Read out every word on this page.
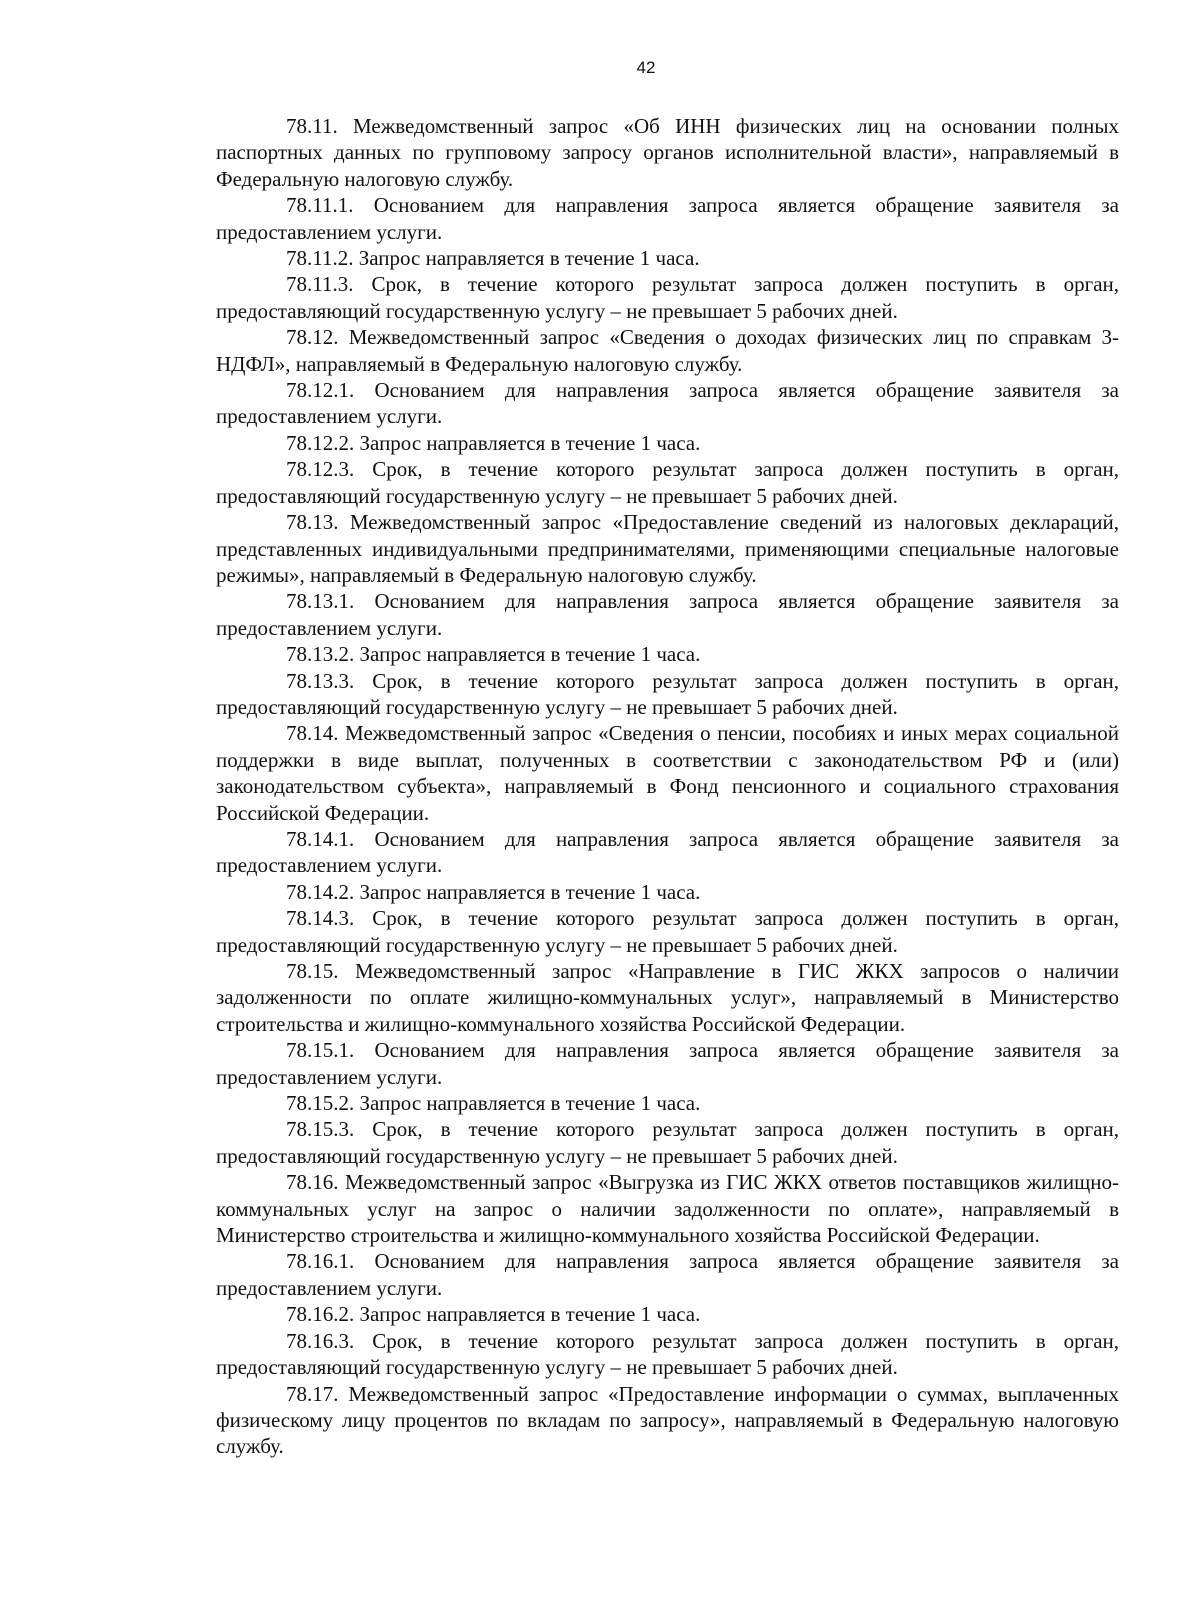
42

78.11. Межведомственный запрос «Об ИНН физических лиц на основании полных паспортных данных по групповому запросу органов исполнительной власти», направляемый в Федеральную налоговую службу.

78.11.1. Основанием для направления запроса является обращение заявителя за предоставлением услуги.

78.11.2. Запрос направляется в течение 1 часа.

78.11.3. Срок, в течение которого результат запроса должен поступить в орган, предоставляющий государственную услугу – не превышает 5 рабочих дней.

78.12. Межведомственный запрос «Сведения о доходах физических лиц по справкам 3-НДФЛ», направляемый в Федеральную налоговую службу.

78.12.1. Основанием для направления запроса является обращение заявителя за предоставлением услуги.

78.12.2. Запрос направляется в течение 1 часа.

78.12.3. Срок, в течение которого результат запроса должен поступить в орган, предоставляющий государственную услугу – не превышает 5 рабочих дней.

78.13. Межведомственный запрос «Предоставление сведений из налоговых деклараций, представленных индивидуальными предпринимателями, применяющими специальные налоговые режимы», направляемый в Федеральную налоговую службу.

78.13.1. Основанием для направления запроса является обращение заявителя за предоставлением услуги.

78.13.2. Запрос направляется в течение 1 часа.

78.13.3. Срок, в течение которого результат запроса должен поступить в орган, предоставляющий государственную услугу – не превышает 5 рабочих дней.

78.14. Межведомственный запрос «Сведения о пенсии, пособиях и иных мерах социальной поддержки в виде выплат, полученных в соответствии с законодательством РФ и (или) законодательством субъекта», направляемый в Фонд пенсионного и социального страхования Российской Федерации.

78.14.1. Основанием для направления запроса является обращение заявителя за предоставлением услуги.

78.14.2. Запрос направляется в течение 1 часа.

78.14.3. Срок, в течение которого результат запроса должен поступить в орган, предоставляющий государственную услугу – не превышает 5 рабочих дней.

78.15. Межведомственный запрос «Направление в ГИС ЖКХ запросов о наличии задолженности по оплате жилищно-коммунальных услуг», направляемый в Министерство строительства и жилищно-коммунального хозяйства Российской Федерации.

78.15.1. Основанием для направления запроса является обращение заявителя за предоставлением услуги.

78.15.2. Запрос направляется в течение 1 часа.

78.15.3. Срок, в течение которого результат запроса должен поступить в орган, предоставляющий государственную услугу – не превышает 5 рабочих дней.

78.16. Межведомственный запрос «Выгрузка из ГИС ЖКХ ответов поставщиков жилищно-коммунальных услуг на запрос о наличии задолженности по оплате», направляемый в Министерство строительства и жилищно-коммунального хозяйства Российской Федерации.

78.16.1. Основанием для направления запроса является обращение заявителя за предоставлением услуги.

78.16.2. Запрос направляется в течение 1 часа.

78.16.3. Срок, в течение которого результат запроса должен поступить в орган, предоставляющий государственную услугу – не превышает 5 рабочих дней.

78.17. Межведомственный запрос «Предоставление информации о суммах, выплаченных физическому лицу процентов по вкладам по запросу», направляемый в Федеральную налоговую службу.
